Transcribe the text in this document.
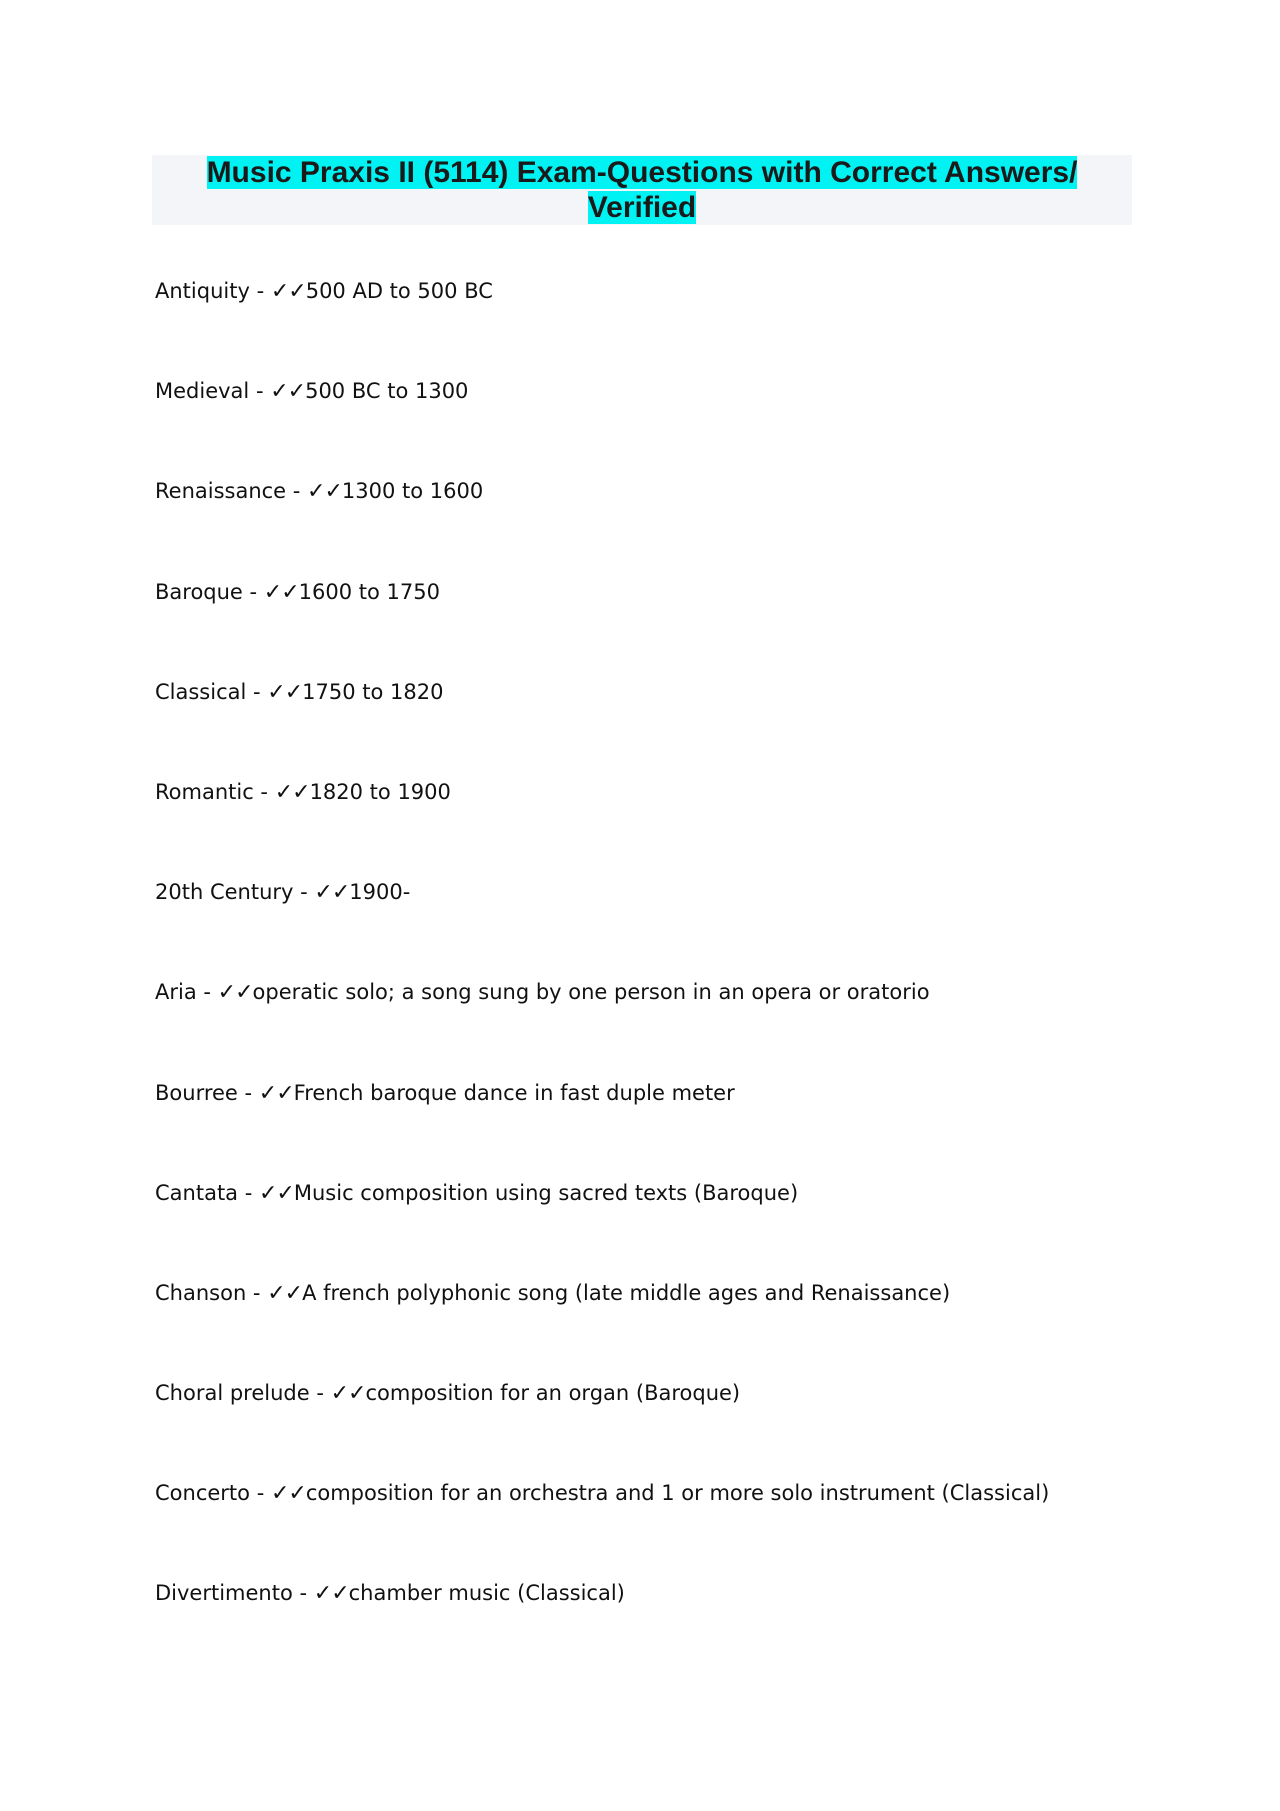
Music Praxis II (5114) Exam-Questions with Correct Answers/
Verified
Antiquity - ✓✓500 AD to 500 BC
Medieval - ✓✓500 BC to 1300
Renaissance - ✓✓1300 to 1600
Baroque - ✓✓1600 to 1750
Classical - ✓✓1750 to 1820
Romantic - ✓✓1820 to 1900
20th Century - ✓✓1900-
Aria - ✓✓operatic solo; a song sung by one person in an opera or oratorio
Bourree - ✓✓French baroque dance in fast duple meter
Cantata - ✓✓Music composition using sacred texts (Baroque)
Chanson - ✓✓A french polyphonic song (late middle ages and Renaissance)
Choral prelude - ✓✓composition for an organ (Baroque)
Concerto - ✓✓composition for an orchestra and 1 or more solo instrument (Classical)
Divertimento - ✓✓chamber music (Classical)
